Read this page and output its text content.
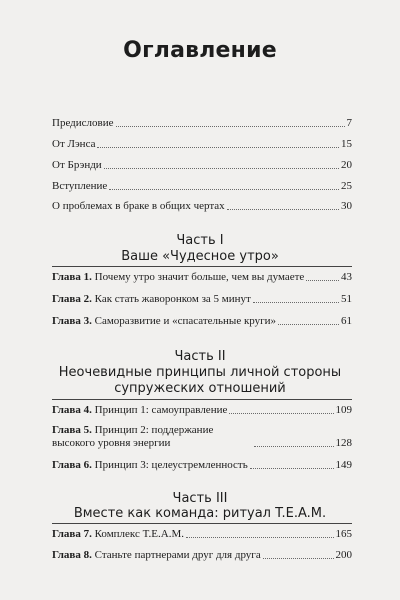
Оглавление
Предисловие	7
От Лэнса	15
От Брэнди	20
Вступление	25
О проблемах в браке в общих чертах	30
Часть I
Ваше «Чудесное утро»
Глава 1. Почему утро значит больше, чем вы думаете	43
Глава 2. Как стать жаворонком за 5 минут	51
Глава 3. Саморазвитие и «спасательные круги»	61
Часть II
Неочевидные принципы личной стороны
супружеских отношений
Глава 4. Принцип 1: самоуправление	109
Глава 5. Принцип 2: поддержание высокого уровня энергии	128
Глава 6. Принцип 3: целеустремленность	149
Часть III
Вместе как команда: ритуал T.E.A.M.
Глава 7. Комплекс T.E.A.M.	165
Глава 8. Станьте партнерами друг для друга	200
